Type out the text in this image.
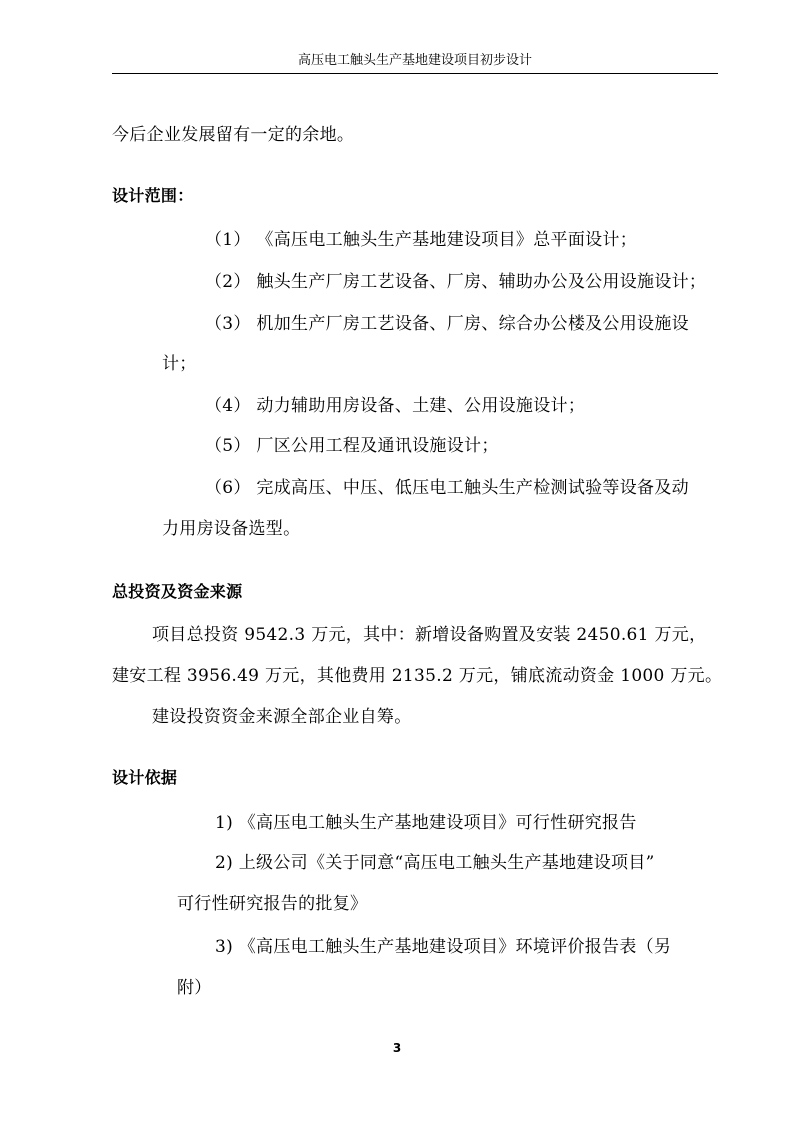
高压电工触头生产基地建设项目初步设计
今后企业发展留有一定的余地。
设计范围：
（1） 《高压电工触头生产基地建设项目》总平面设计；
（2） 触头生产厂房工艺设备、厂房、辅助办公及公用设施设计；
（3） 机加生产厂房工艺设备、厂房、综合办公楼及公用设施设
计；
（4） 动力辅助用房设备、土建、公用设施设计；
（5） 厂区公用工程及通讯设施设计；
（6） 完成高压、中压、低压电工触头生产检测试验等设备及动
力用房设备选型。
总投资及资金来源
项目总投资 9542.3 万元，其中：新增设备购置及安装 2450.61 万元，
建安工程 3956.49 万元，其他费用 2135.2 万元，铺底流动资金 1000 万元。
建设投资资金来源全部企业自筹。
设计依据
1) 《高压电工触头生产基地建设项目》可行性研究报告
2) 上级公司《关于同意“高压电工触头生产基地建设项目”
可行性研究报告的批复》
3) 《高压电工触头生产基地建设项目》环境评价报告表（另
附）
3
